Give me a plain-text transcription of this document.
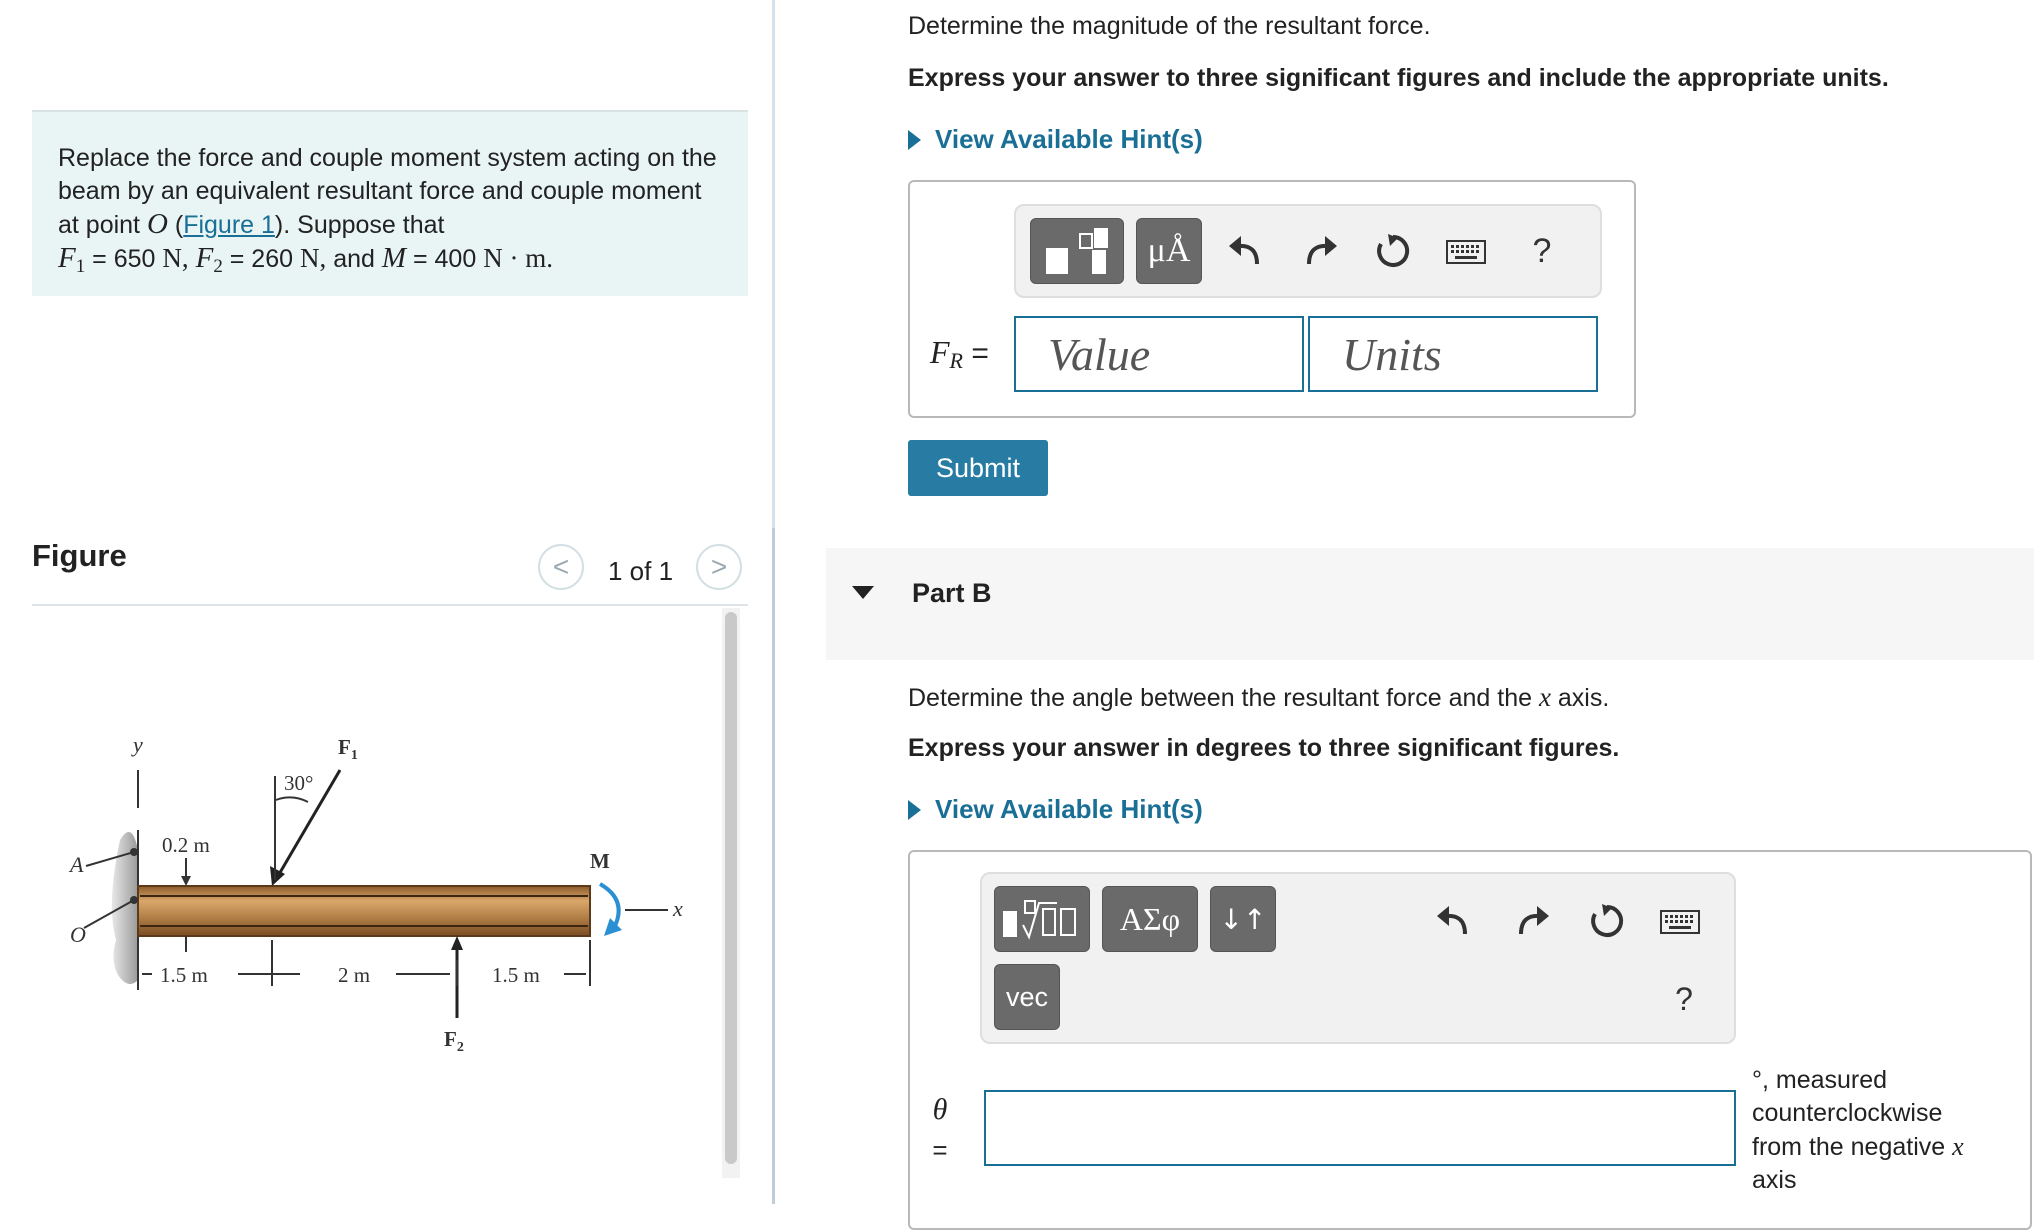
Replace the force and couple moment system acting on the beam by an equivalent resultant force and couple moment at point O (Figure 1). Suppose that
$F_1 = 650$ N, $F_2 = 260$ N, and M = 400 N · m.
Figure	< 1 of 1 >
y
A
O
0.2 m
30°
$F_1$
M
x
$F_2$
1.5 m	2 m	1.5 m
Determine the magnitude of the resultant force.
Express your answer to three significant figures and include the appropriate units.
View Available Hint(s)
μÅ	?
$F_R$ = Value	Units
Submit
Part B
Determine the angle between the resultant force and the x axis.
Express your answer in degrees to three significant figures.
View Available Hint(s)
ΑΣφ ↓↑
vec	?
θ
=
°, measured
counterclockwise
from the negative x
axis
